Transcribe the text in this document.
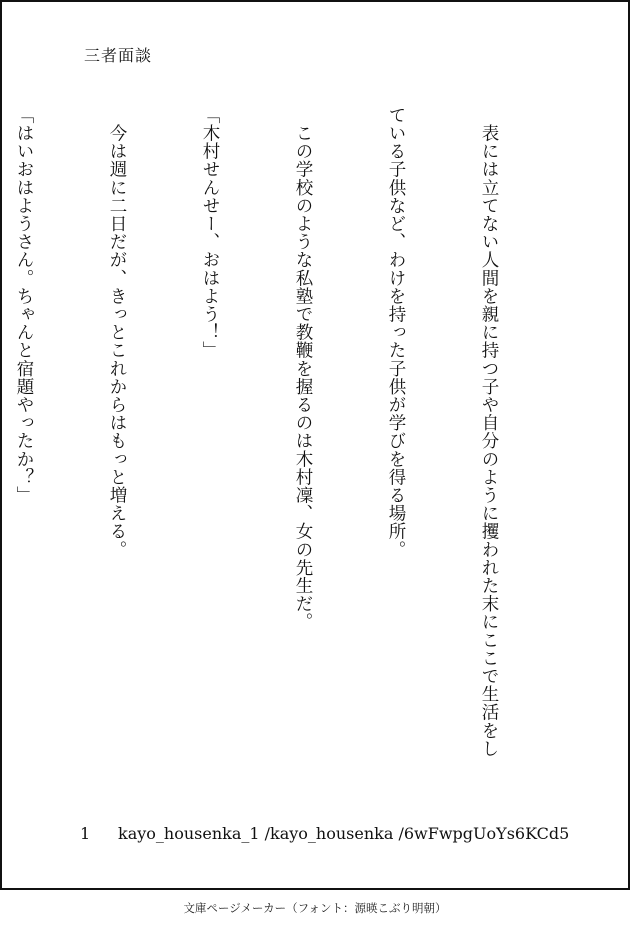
三者面談

　表には立てない人間を親に持つ子や自分のように攫われた末にここで生活をし

ている子供など、わけを持った子供が学びを得る場所。

　この学校のような私塾で教鞭を握るのは木村凜、女の先生だ。

「木村せんせー、おはよう！」

　今は週に二日だが、きっとこれからはもっと増える。

「はいおはようさん。ちゃんと宿題やったか？」

1 kayo_housenka_1 /kayo_housenka /6wFwpgUoYs6KCd5
文庫ページメーカー（フォント：源暎こぶり明朝）
